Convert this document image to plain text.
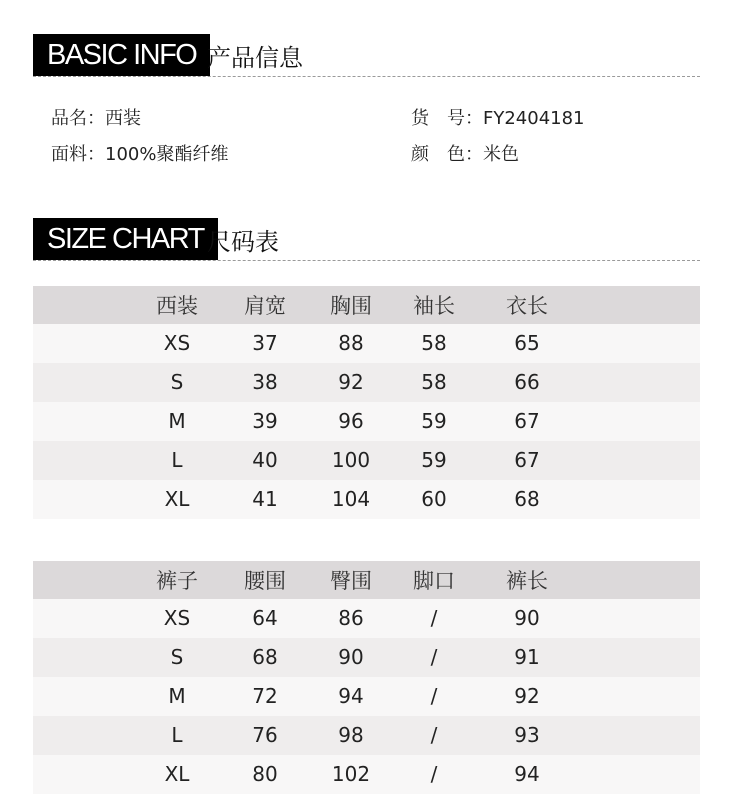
BASIC INFO 产品信息
品名：西装	货　号：FY2404181
面料：100%聚酯纤维	颜　色：米色
SIZE CHART 尺码表
西装	肩宽	胸围	袖长	衣长
XS	37	88	58	65
S	38	92	58	66
M	39	96	59	67
L	40	100	59	67
XL	41	104	60	68
裤子	腰围	臀围	脚口	裤长
XS	64	86	/	90
S	68	90	/	91
M	72	94	/	92
L	76	98	/	93
XL	80	102	/	94
